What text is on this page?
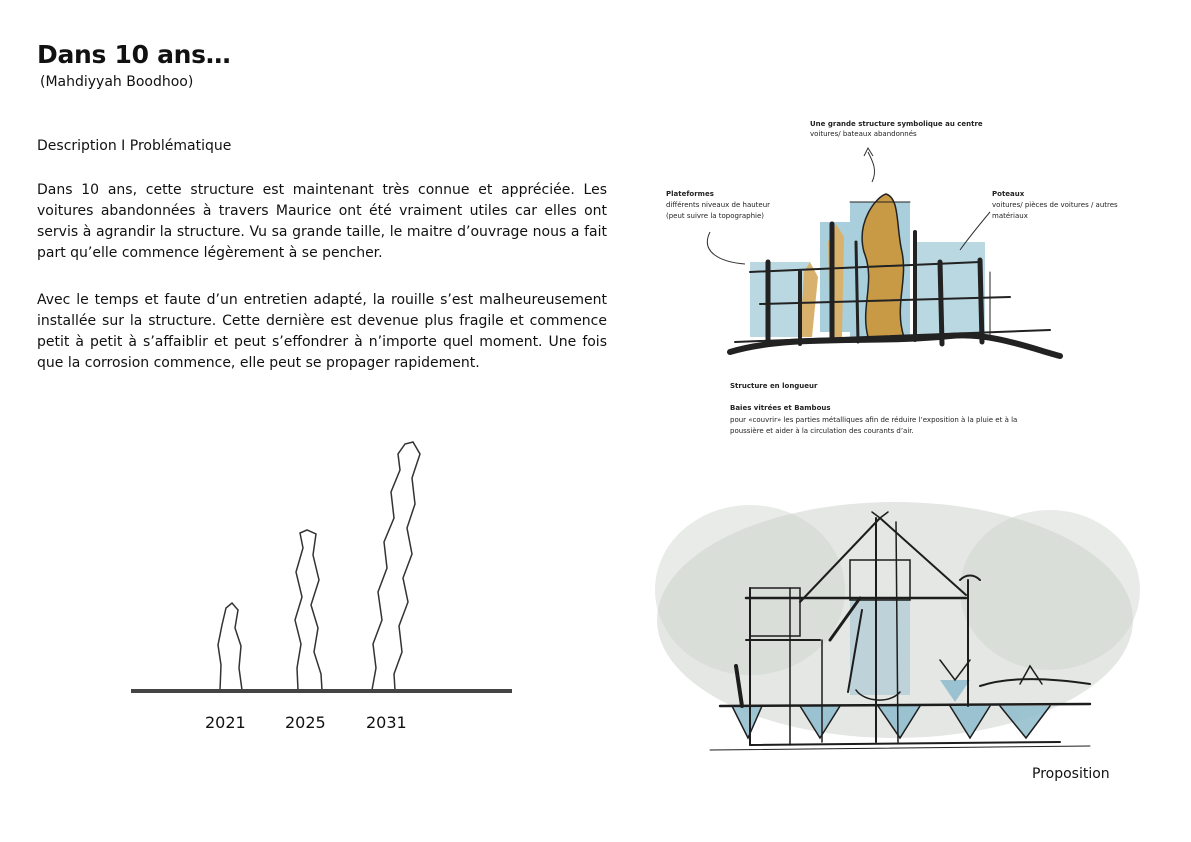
Dans 10 ans…
(Mahdiyyah Boodhoo)
Description I Problématique
Dans 10 ans, cette structure est maintenant très connue et appréciée. Les voitures abandonnées à travers Maurice ont été vraiment utiles car elles ont servis à agrandir la structure. Vu sa grande taille, le maitre d’ouvrage nous a fait part qu’elle commence légèrement à se pencher.
Avec le temps et faute d’un entretien adapté, la rouille s’est malheureusement installée sur la structure. Cette dernière est devenue plus fragile et commence petit à petit à s’affaiblir et peut s’effondrer à n’importe quel moment. Une fois que la corrosion commence, elle peut se propager rapidement.
2021 2025	2031
Une grande structure symbolique au centre
voitures/ bateaux abandonnés
Plateformes
différents niveaux de hauteur
(peut suivre la topographie)
Poteaux
voitures/ pièces de voitures / autres
matériaux
Structure en longueur
Baies vitrées et Bambous
pour «couvrir» les parties métalliques afin de réduire l’exposition à la pluie et à la
poussière et aider à la circulation des courants d’air.
Proposition
